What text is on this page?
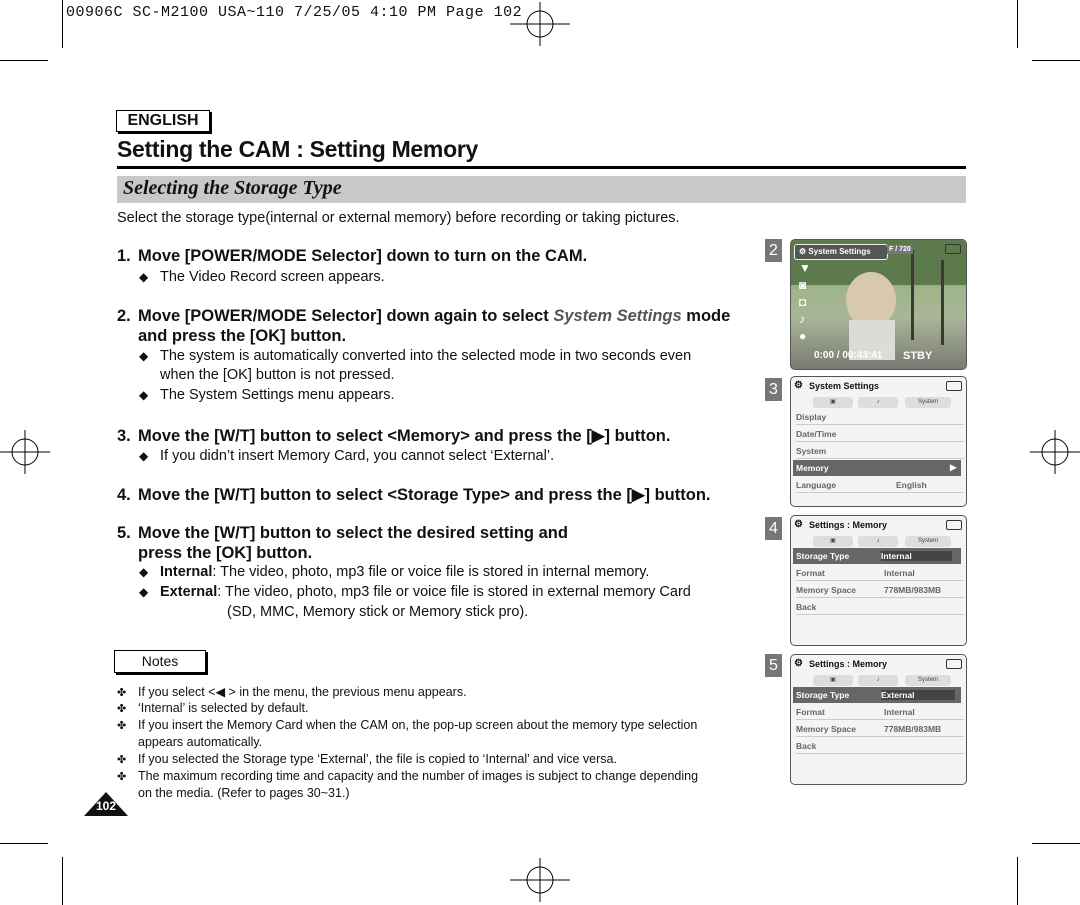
00906C SC-M2100 USA~110 7/25/05 4:10 PM Page 102
ENGLISH
Setting the CAM : Setting Memory
Selecting the Storage Type
Select the storage type(internal or external memory) before recording or taking pictures.
1. Move [POWER/MODE Selector] down to turn on the CAM.
◆ The Video Record screen appears.
2. Move [POWER/MODE Selector] down again to select System Settings mode
and press the [OK] button.
◆ The system is automatically converted into the selected mode in two seconds even
when the [OK] button is not pressed.
◆ The System Settings menu appears.
3. Move the [W/T] button to select <Memory> and press the [▶] button.
◆ If you didn’t insert Memory Card, you cannot select ‘External’.
4. Move the [W/T] button to select <Storage Type> and press the [▶] button.
5. Move the [W/T] button to select the desired setting and
press the [OK] button.
◆ Internal: The video, photo, mp3 file or voice file is stored in internal memory.
◆ External: The video, photo, mp3 file or voice file is stored in external memory Card
(SD, MMC, Memory stick or Memory stick pro).
Notes
✤ If you select <◀ > in the menu, the previous menu appears.
✤ ‘Internal’ is selected by default.
✤ If you insert the Memory Card when the CAM on, the pop-up screen about the memory type selection
appears automatically.
✤ If you selected the Storage type ‘External’, the file is copied to ‘Internal’ and vice versa.
✤ The maximum recording time and capacity and the number of images is subject to change depending
on the media. (Refer to pages 30~31.)
102
2	⚙ System Settings	F / 720
▼
◙
◘
♪
●
0:00 / 00:43:41 STBY
3	⚙ System Settings
▣	♪	System
Display
Date/Time
System
Memory	▶
Language	English
4	⚙ Settings : Memory
▣	♪	System
Storage Type	Internal
Format	Internal
Memory Space	778MB/983MB
Back
5	⚙ Settings : Memory
▣	♪	System
Storage Type	External
Format	Internal
Memory Space	778MB/983MB
Back
